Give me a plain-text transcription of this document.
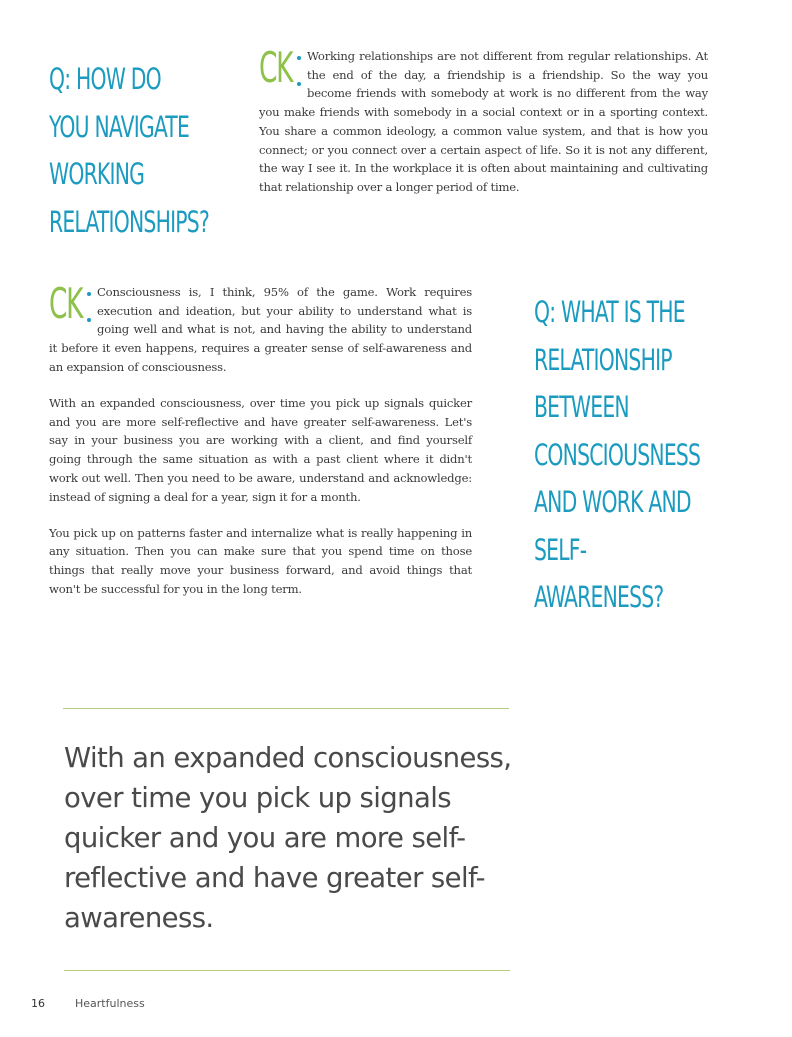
Q: HOW DO YOU NAVIGATE WORKING RELATIONSHIPS?
CK Working relationships are not different from regular relationships. At the end of the day, a friendship is a friendship. So the way you become friends with somebody at work is no different from the way you make friends with somebody in a social context or in a sporting context. You share a common ideology, a common value system, and that is how you connect; or you connect over a certain aspect of life. So it is not any different, the way I see it. In the workplace it is often about maintaining and cultivating that relationship over a longer period of time.

CK Consciousness is, I think, 95% of the game. Work requires execution and ideation, but your ability to understand what is going well and what is not, and having the ability to understand it before it even happens, requires a greater sense of self-awareness and an expansion of consciousness.

With an expanded consciousness, over time you pick up signals quicker and you are more self-reflective and have greater self-awareness. Let's say in your business you are working with a client, and find yourself going through the same situation as with a past client where it didn't work out well. Then you need to be aware, understand and acknowledge: instead of signing a deal for a year, sign it for a month.

You pick up on patterns faster and internalize what is really happening in any situation. Then you can make sure that you spend time on those things that really move your business forward, and avoid things that won't be successful for you in the long term.

Q: WHAT IS THE RELATIONSHIP BETWEEN CONSCIOUSNESS AND WORK AND SELF-AWARENESS?

With an expanded consciousness, over time you pick up signals quicker and you are more self-reflective and have greater self-awareness.

16	Heartfulness
